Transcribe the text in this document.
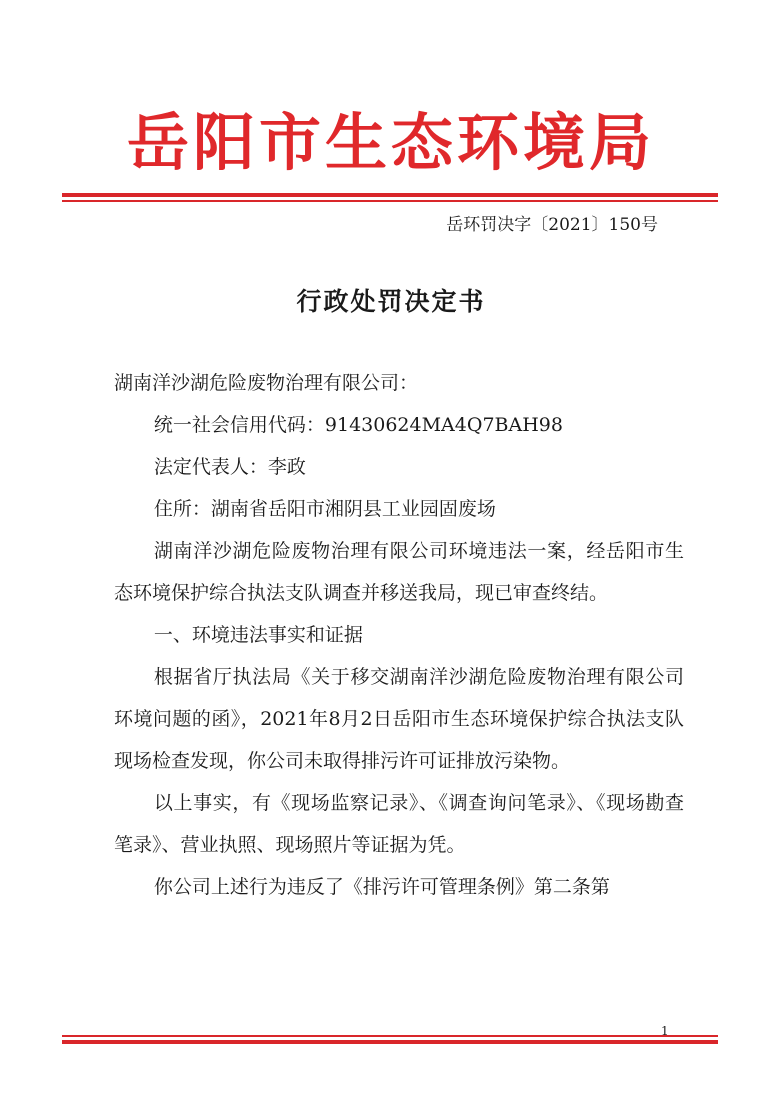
岳阳市生态环境局
岳环罚决字〔2021〕150号
行政处罚决定书

湖南洋沙湖危险废物治理有限公司：

统一社会信用代码：91430624MA4Q7BAH98

法定代表人：李政

住所：湖南省岳阳市湘阴县工业园固废场

湖南洋沙湖危险废物治理有限公司环境违法一案，经岳阳市生态环境保护综合执法支队调查并移送我局，现已审查终结。

一、环境违法事实和证据

根据省厅执法局《关于移交湖南洋沙湖危险废物治理有限公司环境问题的函》，2021年8月2日岳阳市生态环境保护综合执法支队现场检查发现，你公司未取得排污许可证排放污染物。

以上事实，有《现场监察记录》、《调查询问笔录》、《现场勘查笔录》、营业执照、现场照片等证据为凭。

你公司上述行为违反了《排污许可管理条例》第二条第

1
